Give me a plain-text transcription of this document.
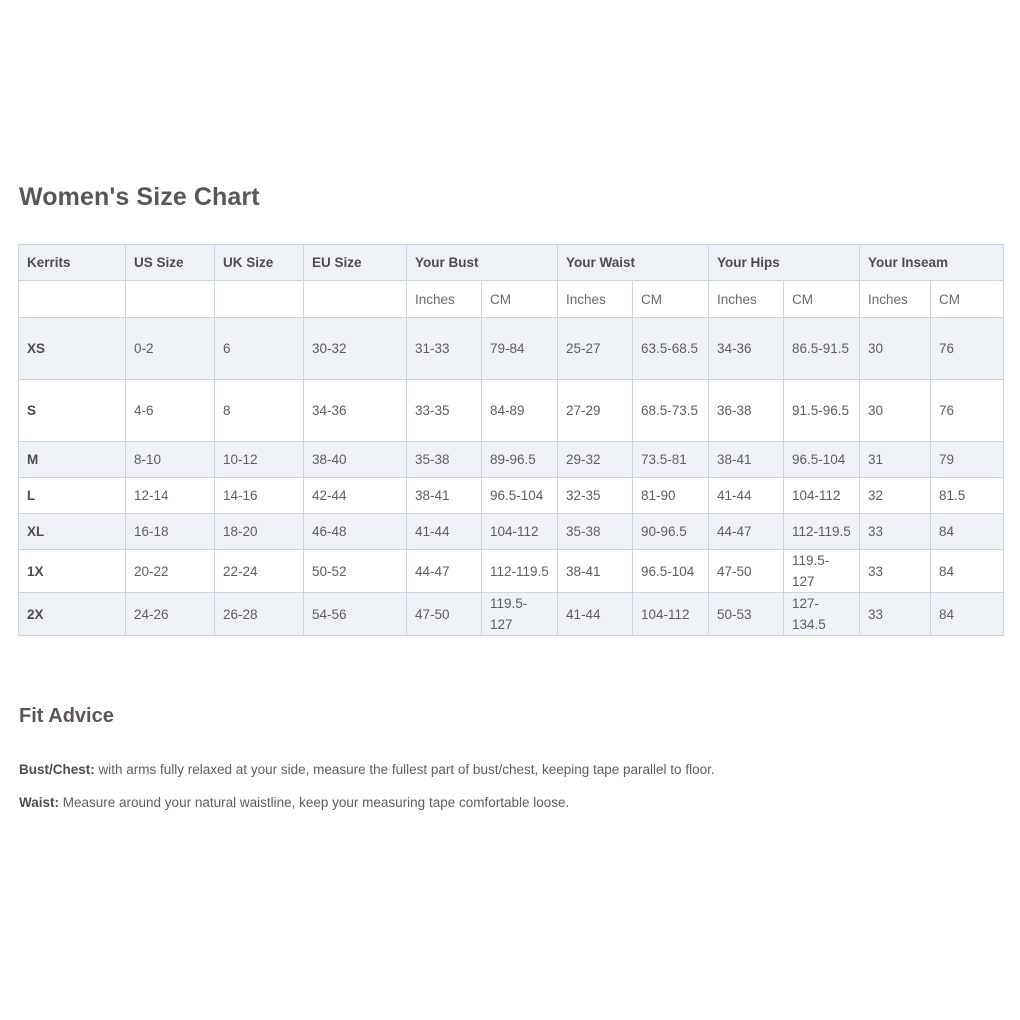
Women's Size Chart
Kerrits	US Size	UK Size	EU Size	Your Bust		Your Waist		Your Hips		Your Inseam	
				Inches	CM	Inches	CM	Inches	CM	Inches	CM
XS	0-2	6	30-32	31-33	79-84	25-27	63.5-68.5	34-36	86.5-91.5	30	76
S	4-6	8	34-36	33-35	84-89	27-29	68.5-73.5	36-38	91.5-96.5	30	76
M	8-10	10-12	38-40	35-38	89-96.5	29-32	73.5-81	38-41	96.5-104	31	79
L	12-14	14-16	42-44	38-41	96.5-104	32-35	81-90	41-44	104-112	32	81.5
XL	16-18	18-20	46-48	41-44	104-112	35-38	90-96.5	44-47	112-119.5	33	84
1X	20-22	22-24	50-52	44-47	112-119.5	38-41	96.5-104	47-50	119.5-127	33	84
2X	24-26	26-28	54-56	47-50	119.5-127	41-44	104-112	50-53	127-134.5	33	84
Fit Advice

Bust/Chest: with arms fully relaxed at your side, measure the fullest part of bust/chest, keeping tape parallel to floor.

Waist: Measure around your natural waistline, keep your measuring tape comfortable loose.
